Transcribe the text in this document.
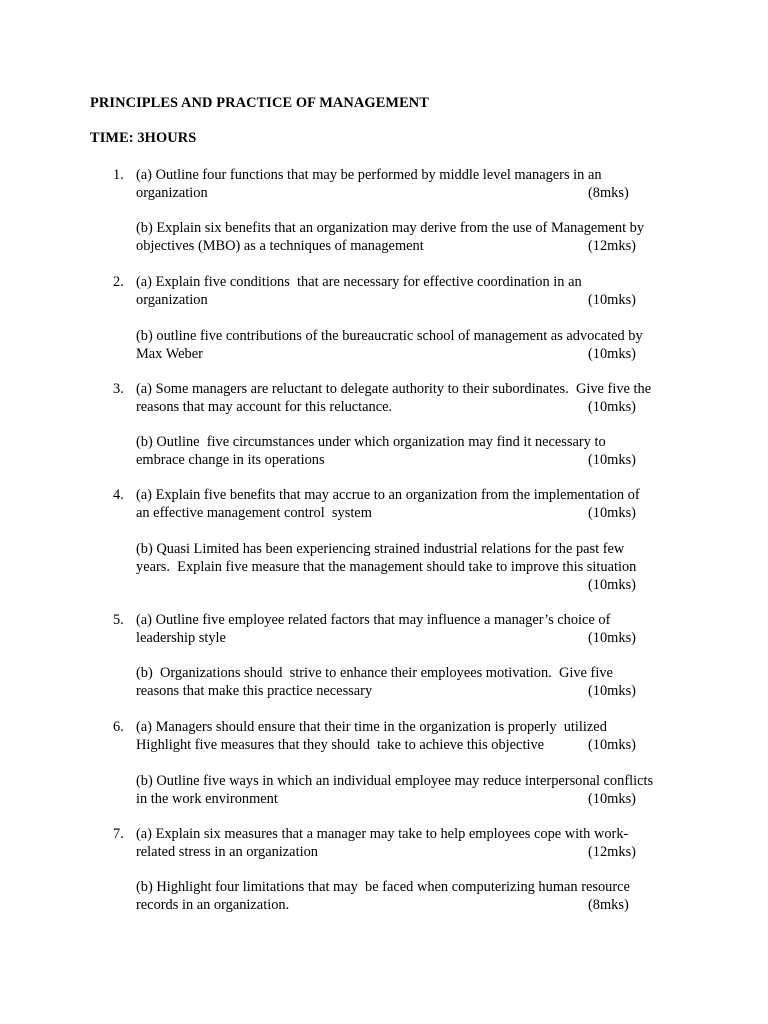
PRINCIPLES AND PRACTICE OF MANAGEMENT
TIME: 3HOURS
1. (a) Outline four functions that may be performed by middle level managers in an
organization	(8mks)
(b) Explain six benefits that an organization may derive from the use of Management by
objectives (MBO) as a techniques of management	(12mks)
2. (a) Explain five conditions  that are necessary for effective coordination in an
organization	(10mks)
(b) outline five contributions of the bureaucratic school of management as advocated by
Max Weber	(10mks)
3. (a) Some managers are reluctant to delegate authority to their subordinates.  Give five the
reasons that may account for this reluctance.	(10mks)
(b) Outline  five circumstances under which organization may find it necessary to
embrace change in its operations	(10mks)
4. (a) Explain five benefits that may accrue to an organization from the implementation of
an effective management control  system	(10mks)
(b) Quasi Limited has been experiencing strained industrial relations for the past few
years.  Explain five measure that the management should take to improve this situation
(10mks)
5. (a) Outline five employee related factors that may influence a manager’s choice of
leadership style	(10mks)
(b)  Organizations should  strive to enhance their employees motivation.  Give five
reasons that make this practice necessary	(10mks)
6. (a) Managers should ensure that their time in the organization is properly  utilized
Highlight five measures that they should  take to achieve this objective	(10mks)
(b) Outline five ways in which an individual employee may reduce interpersonal conflicts
in the work environment	(10mks)
7. (a) Explain six measures that a manager may take to help employees cope with work-
related stress in an organization	(12mks)
(b) Highlight four limitations that may  be faced when computerizing human resource
records in an organization.	(8mks)
